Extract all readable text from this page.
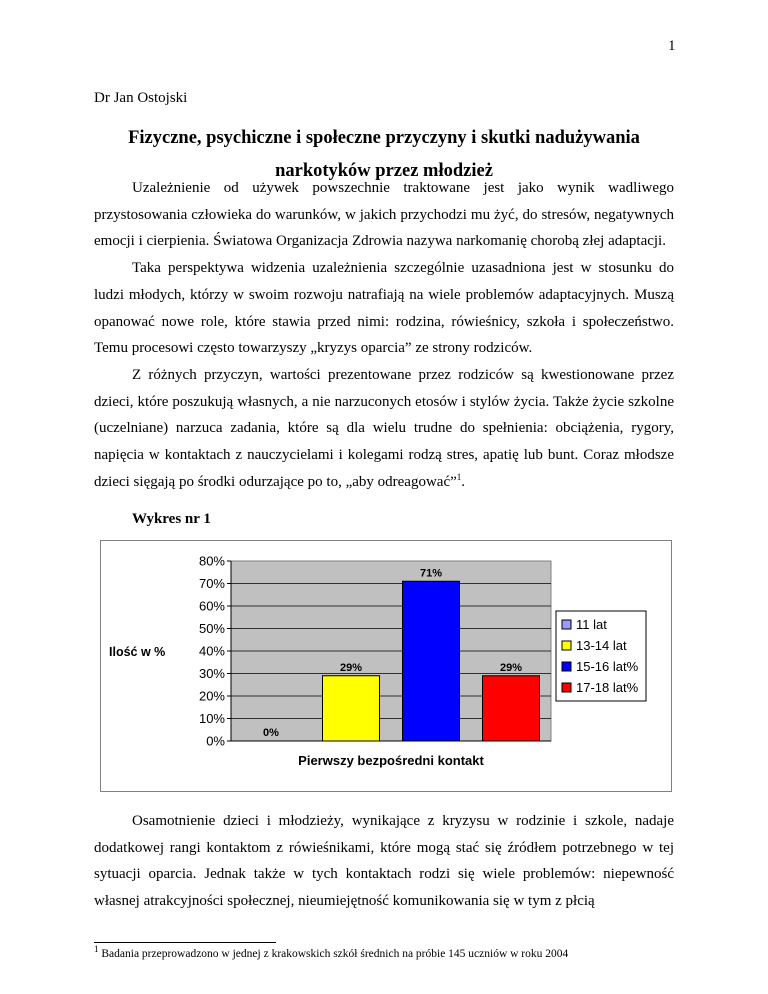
1
Dr Jan Ostojski
Fizyczne, psychiczne i społeczne przyczyny i skutki nadużywania narkotyków przez młodzież

Uzależnienie od używek powszechnie traktowane jest jako wynik wadliwego przystosowania człowieka do warunków, w jakich przychodzi mu żyć, do stresów, negatywnych emocji i cierpienia. Światowa Organizacja Zdrowia nazywa narkomanię chorobą złej adaptacji.

Taka perspektywa widzenia uzależnienia szczególnie uzasadniona jest w stosunku do ludzi młodych, którzy w swoim rozwoju natrafiają na wiele problemów adaptacyjnych. Muszą opanować nowe role, które stawia przed nimi: rodzina, rówieśnicy, szkoła i społeczeństwo. Temu procesowi często towarzyszy „kryzys oparcia” ze strony rodziców.

Z różnych przyczyn, wartości prezentowane przez rodziców są kwestionowane przez dzieci, które poszukują własnych, a nie narzuconych etosów i stylów życia. Także życie szkolne (uczelniane) narzuca zadania, które są dla wielu trudne do spełnienia: obciążenia, rygory, napięcia w kontaktach z nauczycielami i kolegami rodzą stres, apatię lub bunt. Coraz młodsze dzieci sięgają po środki odurzające po to, „aby odreagować”$^1$.

Wykres nr 1
0%
10%
20%
30%
40%
50%
60%
70%
80%
Ilość w %
0%
29%
71%
29%
Pierwszy bezpośredni kontakt
11 lat
13-14 lat
15-16 lat%
17-18 lat%

Osamotnienie dzieci i młodzieży, wynikające z kryzysu w rodzinie i szkole, nadaje dodatkowej rangi kontaktom z rówieśnikami, które mogą stać się źródłem potrzebnego w tej sytuacji oparcia. Jednak także w tych kontaktach rodzi się wiele problemów: niepewność własnej atrakcyjności społecznej, nieumiejętność komunikowania się w tym z płcią

$^1$ Badania przeprowadzono w jednej z krakowskich szkół średnich na próbie 145 uczniów w roku 2004
